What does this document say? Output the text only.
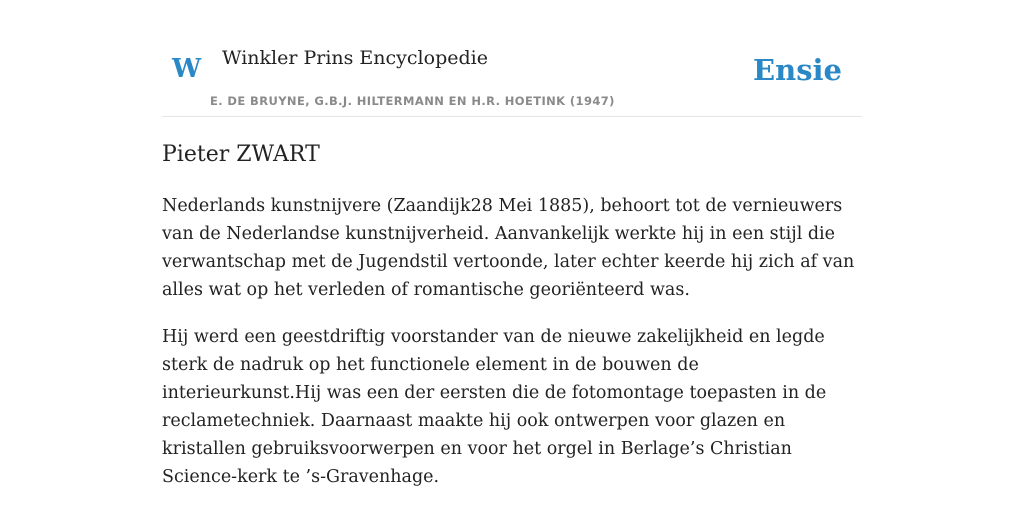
W Winkler Prins Encyclopedie
E. DE BRUYNE, G.B.J. HILTERMANN EN H.R. HOETINK (1947)
Ensie
Pieter ZWART

Nederlands kunstnijvere (Zaandijk28 Mei 1885), behoort tot de vernieuwers van de Nederlandse kunstnijverheid. Aanvankelijk werkte hij in een stijl die verwantschap met de Jugendstil vertoonde, later echter keerde hij zich af van alles wat op het verleden of romantische georiënteerd was.

Hij werd een geestdriftig voorstander van de nieuwe zakelijkheid en legde sterk de nadruk op het functionele element in de bouwen de interieurkunst.Hij was een der eersten die de fotomontage toepasten in de reclametechniek. Daarnaast maakte hij ook ontwerpen voor glazen en kristallen gebruiksvoorwerpen en voor het orgel in Berlage’s Christian Science-kerk te ’s-Gravenhage.
